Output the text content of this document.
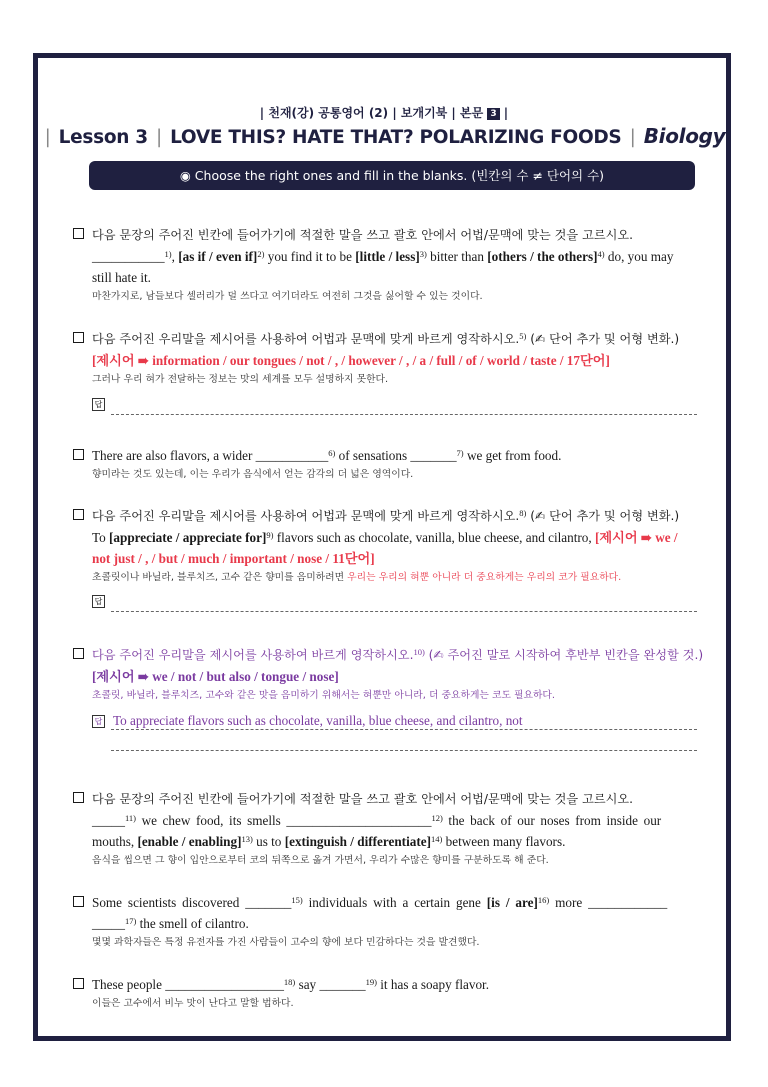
| 천재(강) 공통영어 (2) | 보개기북 | 본문 3 |
| Lesson 3 | LOVE THIS? HATE THAT? POLARIZING FOODS | Biology
◉ Choose the right ones and fill in the blanks. (빈칸의 수 ≠ 단어의 수)
다음 문장의 주어진 빈칸에 들어가기에 적절한 말을 쓰고 괄호 안에서 어법/문맥에 맞는 것을 고르시오.
___________$^{1)}$, [as if / even if]$^{2)}$ you find it to be [little / less]$^{3)}$ bitter than [others / the others]$^{4)}$ do, you may
still hate it.
마찬가지로, 남들보다 셀러리가 덜 쓰다고 여기더라도 여전히 그것을 싫어할 수 있는 것이다.
다음 주어진 우리말을 제시어를 사용하여 어법과 문맥에 맞게 바르게 영작하시오.$^{5)}$ (✍ 단어 추가 및 어형 변화.)
[제시어 ➠ information / our tongues / not / , / however / , / a / full / of / world / taste / 17단어]
그러나 우리 혀가 전달하는 정보는 맛의 세계를 모두 설명하지 못한다.
답
There are also flavors, a wider ___________$^{6)}$ of sensations _______$^{7)}$ we get from food.
향미라는 것도 있는데, 이는 우리가 음식에서 얻는 감각의 더 넓은 영역이다.
다음 주어진 우리말을 제시어를 사용하여 어법과 문맥에 맞게 바르게 영작하시오.$^{8)}$ (✍ 단어 추가 및 어형 변화.)
To [appreciate / appreciate for]$^{9)}$ flavors such as chocolate, vanilla, blue cheese, and cilantro, [제시어 ➠ we /
not just / , / but / much / important / nose / 11단어]
초콜릿이나 바닐라, 블루치즈, 고수 같은 향미를 음미하려면 우리는 우리의 혀뿐 아니라 더 중요하게는 우리의 코가 필요하다.
답
다음 주어진 우리말을 제시어를 사용하여 바르게 영작하시오.$^{10)}$ (✍ 주어진 말로 시작하여 후반부 빈칸을 완성할 것.)
[제시어 ➠ we / not / but also / tongue / nose]
초콜릿, 바닐라, 블루치즈, 고수와 같은 맛을 음미하기 위해서는 혀뿐만 아니라, 더 중요하게는 코도 필요하다.
답 To appreciate flavors such as chocolate, vanilla, blue cheese, and cilantro, not
다음 문장의 주어진 빈칸에 들어가기에 적절한 말을 쓰고 괄호 안에서 어법/문맥에 맞는 것을 고르시오.
_____$^{11)}$ we chew food, its smells ______________________$^{12)}$ the back of our noses from inside our
mouths, [enable / enabling]$^{13)}$ us to [extinguish / differentiate]$^{14)}$ between many flavors.
음식을 씹으면 그 향이 입안으로부터 코의 뒤쪽으로 옮겨 가면서, 우리가 수많은 향미를 구분하도록 해 준다.
Some scientists discovered _______$^{15)}$ individuals with a certain gene [is / are]$^{16)}$ more ____________
_____$^{17)}$ the smell of cilantro.
몇몇 과학자들은 특정 유전자를 가진 사람들이 고수의 향에 보다 민감하다는 것을 발견했다.
These people __________________$^{18)}$ say _______$^{19)}$ it has a soapy flavor.
이들은 고수에서 비누 맛이 난다고 말할 법하다.
